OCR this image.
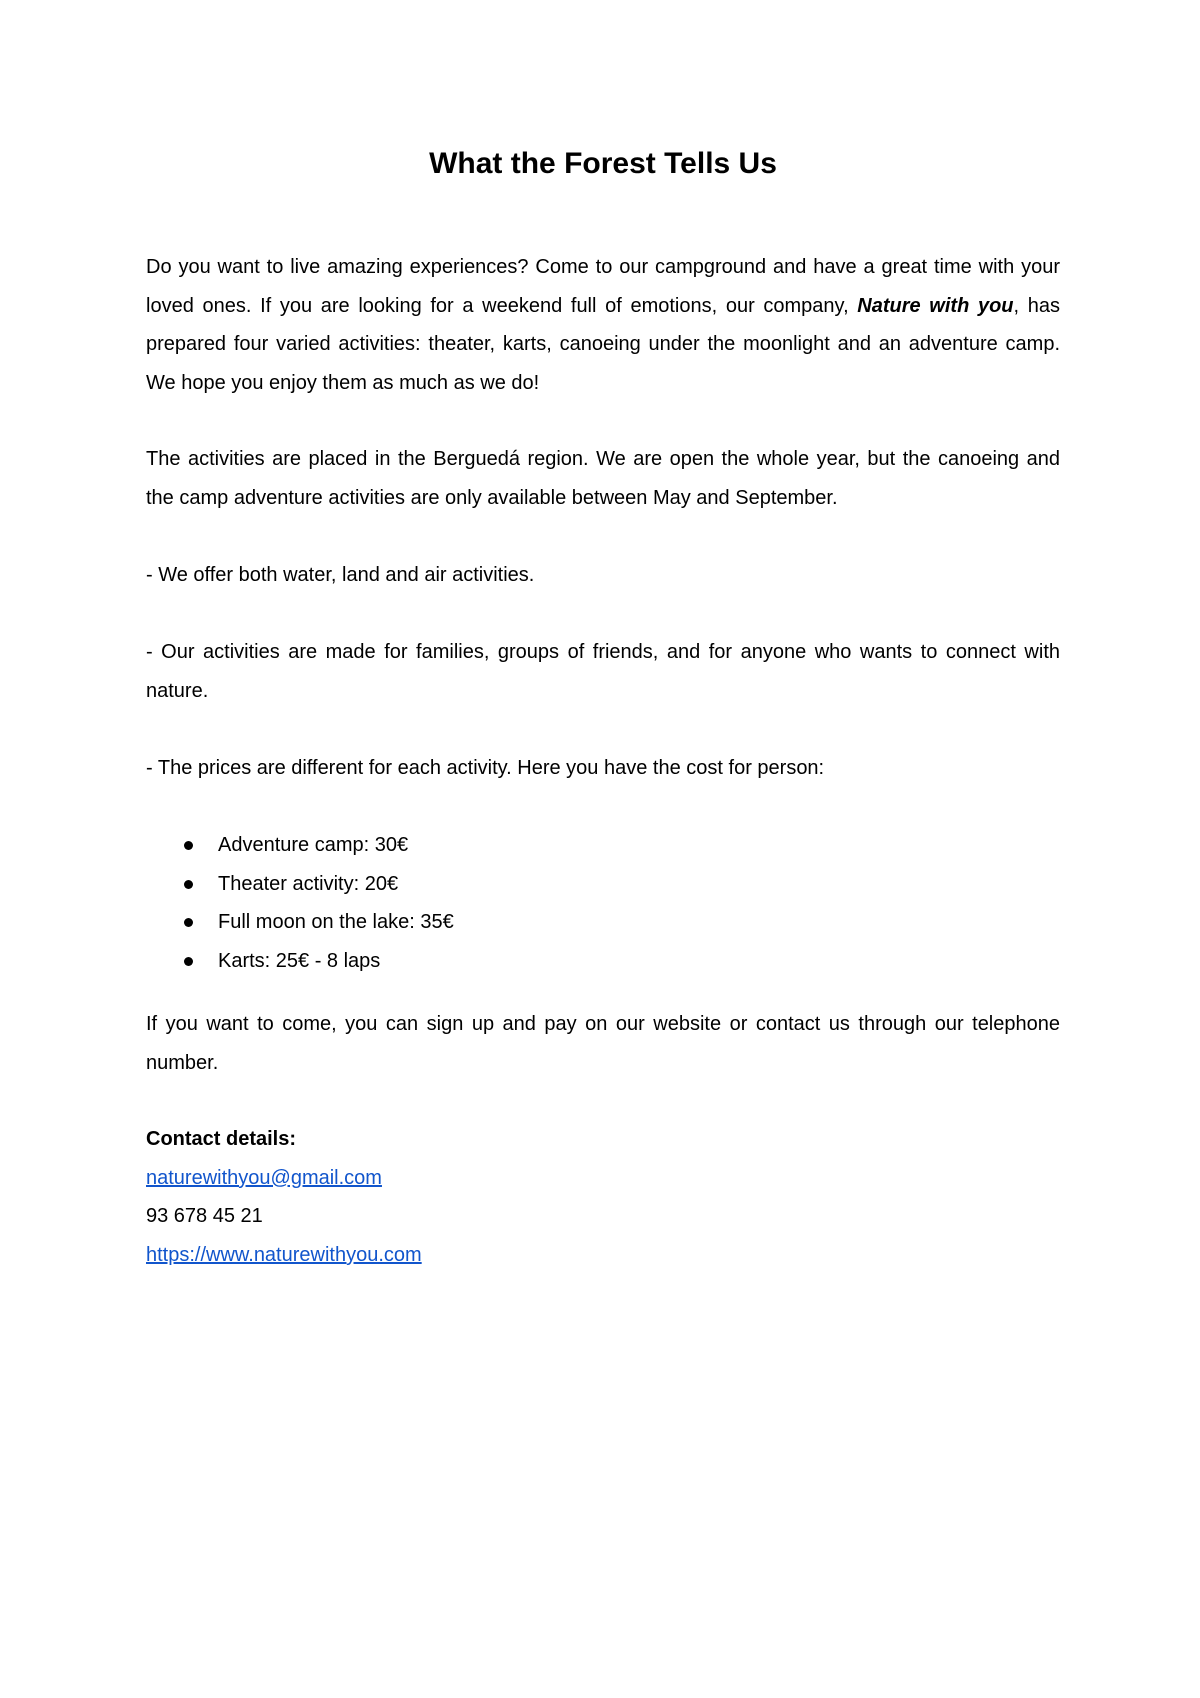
What the Forest Tells Us

Do you want to live amazing experiences? Come to our campground and have a great time with your loved ones. If you are looking for a weekend full of emotions, our company, Nature with you, has prepared four varied activities: theater, karts, canoeing under the moonlight and an adventure camp. We hope you enjoy them as much as we do!

The activities are placed in the Berguedá region. We are open the whole year, but the canoeing and the camp adventure activities are only available between May and September.

- We offer both water, land and air activities.

- Our activities are made for families, groups of friends, and for anyone who wants to connect with nature.

- The prices are different for each activity. Here you have the cost for person:

Adventure camp: 30€
Theater activity: 20€
Full moon on the lake: 35€
Karts: 25€ - 8 laps

If you want to come, you can sign up and pay on our website or contact us through our telephone number.

Contact details:

naturewithyou@gmail.com

93 678 45 21

https://www.naturewithyou.com
